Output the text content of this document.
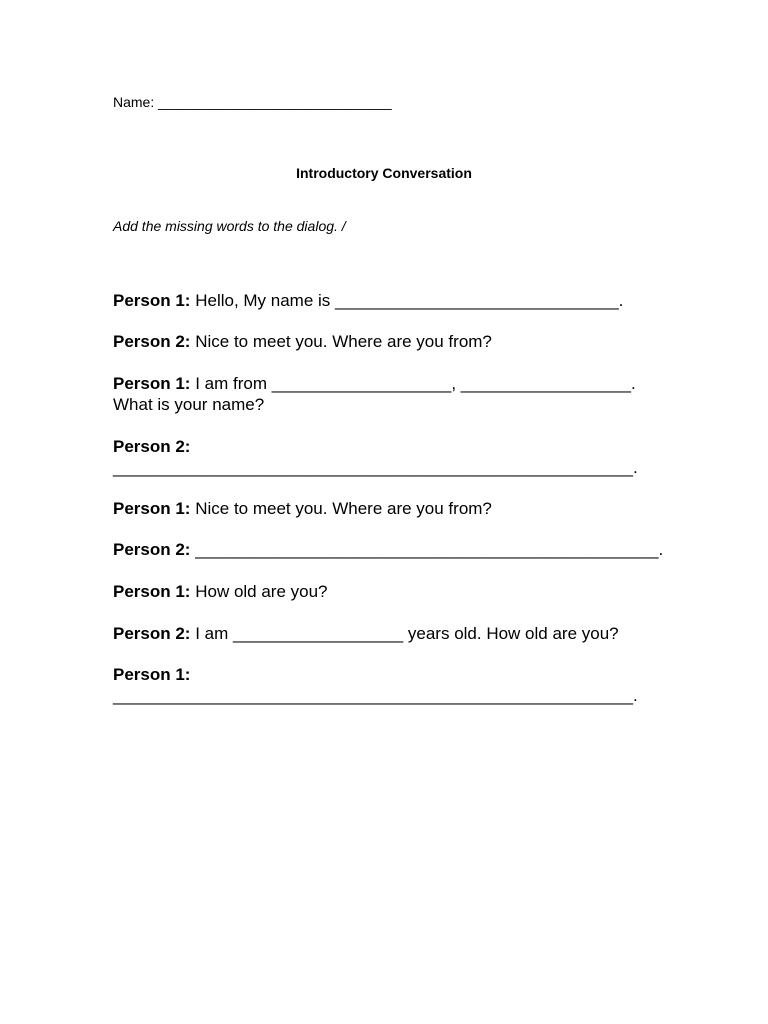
Name: ______________________________
Introductory Conversation
Add the missing words to the dialog. /
Person 1: Hello, My name is ______________________________.
Person 2: Nice to meet you. Where are you from?
Person 1: I am from ___________________, __________________.
What is your name?
Person 2:
_______________________________________________________.
Person 1: Nice to meet you. Where are you from?
Person 2: _________________________________________________.
Person 1: How old are you?
Person 2: I am __________________ years old. How old are you?
Person 1:
_______________________________________________________.
